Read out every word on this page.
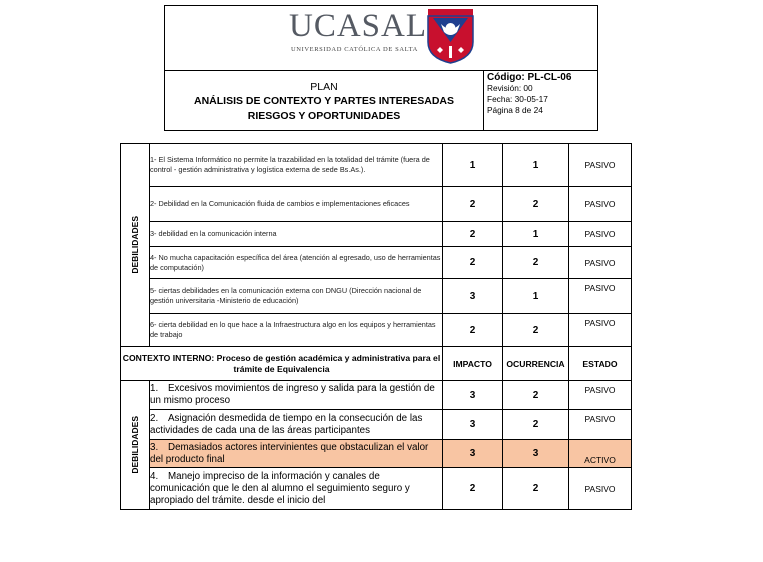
UCASAL
UNIVERSIDAD CATÓLICA DE SALTA
PLAN
ANÁLISIS DE CONTEXTO Y PARTES INTERESADAS
RIESGOS Y OPORTUNIDADES
Código: PL-CL-06
Revisión: 00
Fecha: 30-05-17
Página 8 de 24
DEBILIDADES	1- El Sistema Informático no permite la trazabilidad en la totalidad del trámite (fuera de control - gestión administrativa y logística externa de sede Bs.As.).	1	1	PASIVO
	2- Debilidad en la Comunicación fluida de cambios e implementaciones eficaces	2	2	PASIVO
	3- debilidad en la comunicación interna	2	1	PASIVO
	4- No mucha capacitación específica del área (atención al egresado, uso de herramientas de computación)	2	2	PASIVO
	5- ciertas debilidades en la comunicación externa con DNGU (Dirección nacional de gestión universitaria -Ministerio de educación)	3	1	PASIVO
	6- cierta debilidad en lo que hace a la Infraestructura algo en los equipos y herramientas de trabajo	2	2	PASIVO
CONTEXTO INTERNO: Proceso de gestión académica y administrativa para el trámite de Equivalencia		IMPACTO	OCURRENCIA	ESTADO

DEBILIDADES	1. Excesivos movimientos de ingreso y salida para la gestión de un mismo proceso	3	2	PASIVO
	2. Asignación desmedida de tiempo en la consecución de las actividades de cada una de las áreas participantes	3	2	PASIVO
	3. Demasiados actores intervinientes que obstaculizan el valor del producto final	3	3	ACTIVO
	4. Manejo impreciso de la información y canales de comunicación que le den al alumno el seguimiento seguro y apropiado del trámite. desde el inicio del	2	2	PASIVO
